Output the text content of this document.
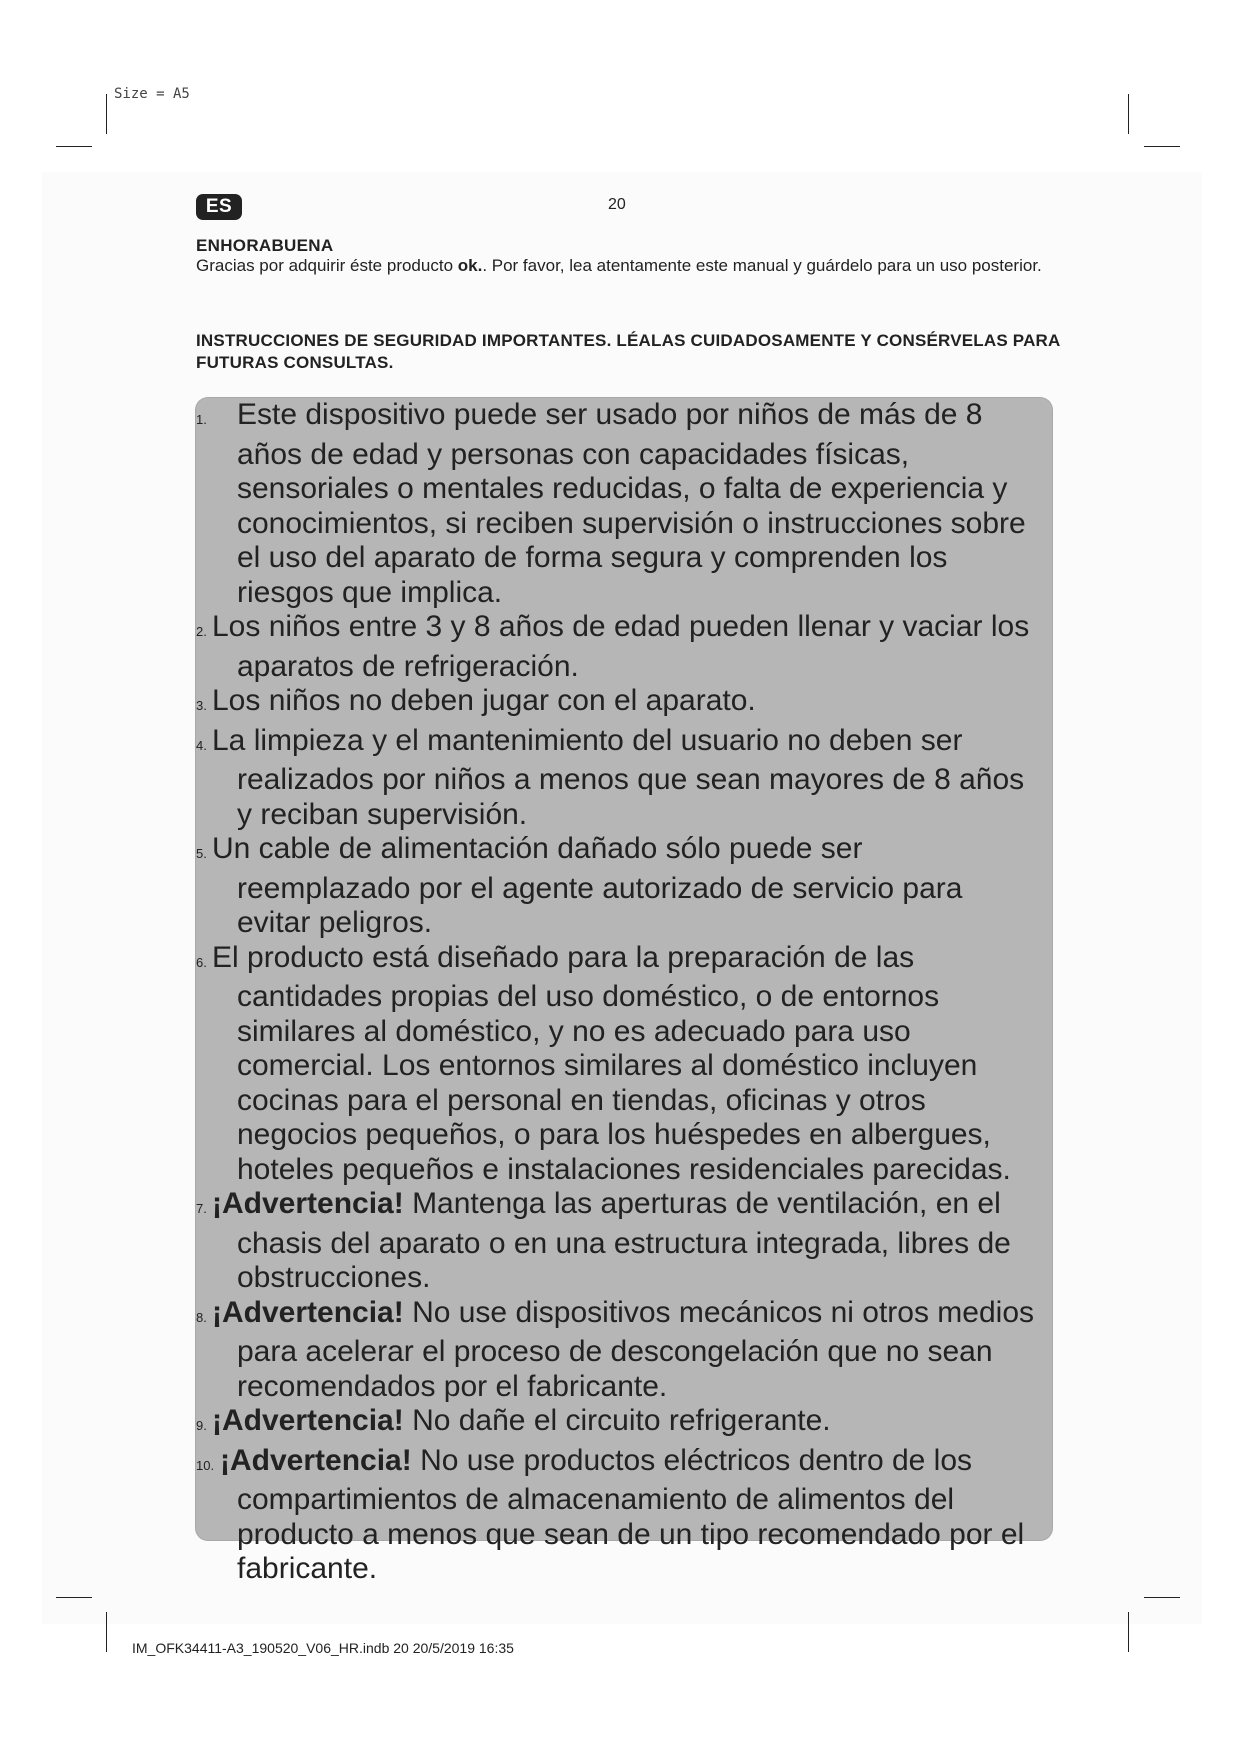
Size = A5
ES	20
ENHORABUENA
Gracias por adquirir éste producto ok.. Por favor, lea atentamente este manual y guárdelo para un uso posterior.
INSTRUCCIONES DE SEGURIDAD IMPORTANTES. LÉALAS CUIDADOSAMENTE Y CONSÉRVELAS PARA FUTURAS CONSULTAS.
1. Este dispositivo puede ser usado por niños de más de 8 años de edad y personas con capacidades físicas, sensoriales o mentales reducidas, o falta de experiencia y conocimientos, si reciben supervisión o instrucciones sobre el uso del aparato de forma segura y comprenden los riesgos que implica.
2. Los niños entre 3 y 8 años de edad pueden llenar y vaciar los aparatos de refrigeración.
3. Los niños no deben jugar con el aparato.
4. La limpieza y el mantenimiento del usuario no deben ser realizados por niños a menos que sean mayores de 8 años y reciban supervisión.
5. Un cable de alimentación dañado sólo puede ser reemplazado por el agente autorizado de servicio para evitar peligros.
6. El producto está diseñado para la preparación de las cantidades propias del uso doméstico, o de entornos similares al doméstico, y no es adecuado para uso comercial. Los entornos similares al doméstico incluyen cocinas para el personal en tiendas, oficinas y otros negocios pequeños, o para los huéspedes en albergues, hoteles pequeños e instalaciones residenciales parecidas.
7. ¡Advertencia! Mantenga las aperturas de ventilación, en el chasis del aparato o en una estructura integrada, libres de obstrucciones.
8. ¡Advertencia! No use dispositivos mecánicos ni otros medios para acelerar el proceso de descongelación que no sean recomendados por el fabricante.
9. ¡Advertencia! No dañe el circuito refrigerante.
10. ¡Advertencia! No use productos eléctricos dentro de los compartimientos de almacenamiento de alimentos del producto a menos que sean de un tipo recomendado por el fabricante.
IM_OFK34411-A3_190520_V06_HR.indb 20 20/5/2019 16:35
